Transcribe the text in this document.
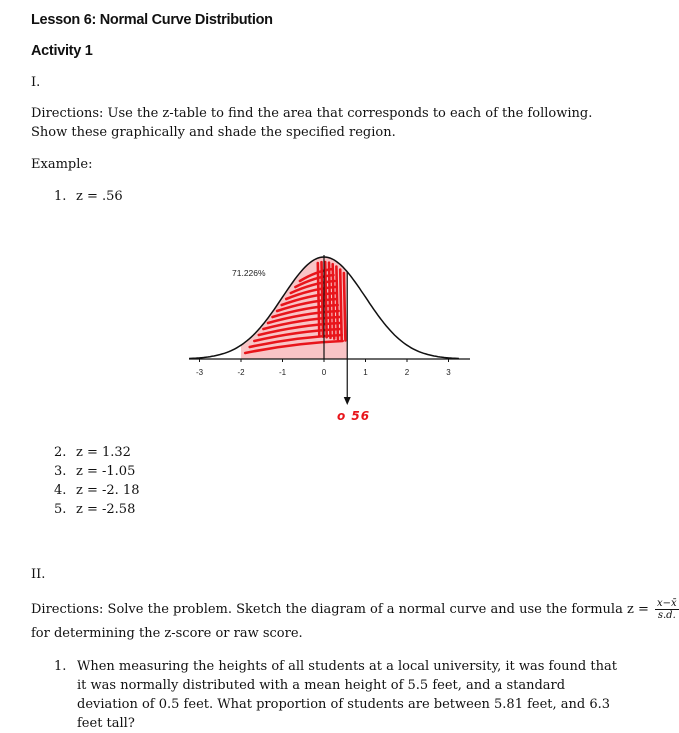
Lesson 6: Normal Curve Distribution
Activity 1
I.
Directions: Use the z-table to find the area that corresponds to each of the following. Show these graphically and shade the specified region.
Example:
1. z = .56
-3	-2	-1	0	1	2	3
71.226%
o 56
2. z = 1.32
3. z = -1.05
4. z = -2. 18
5. z = -2.58
II.
Directions: Solve the problem. Sketch the diagram of a normal curve and use the formula $z = \frac{x-x̄}{s.d.}$
for determining the z-score or raw score.
1. When measuring the heights of all students at a local university, it was found that it was normally distributed with a mean height of 5.5 feet, and a standard deviation of 0.5 feet. What proportion of students are between 5.81 feet, and 6.3 feet tall?
